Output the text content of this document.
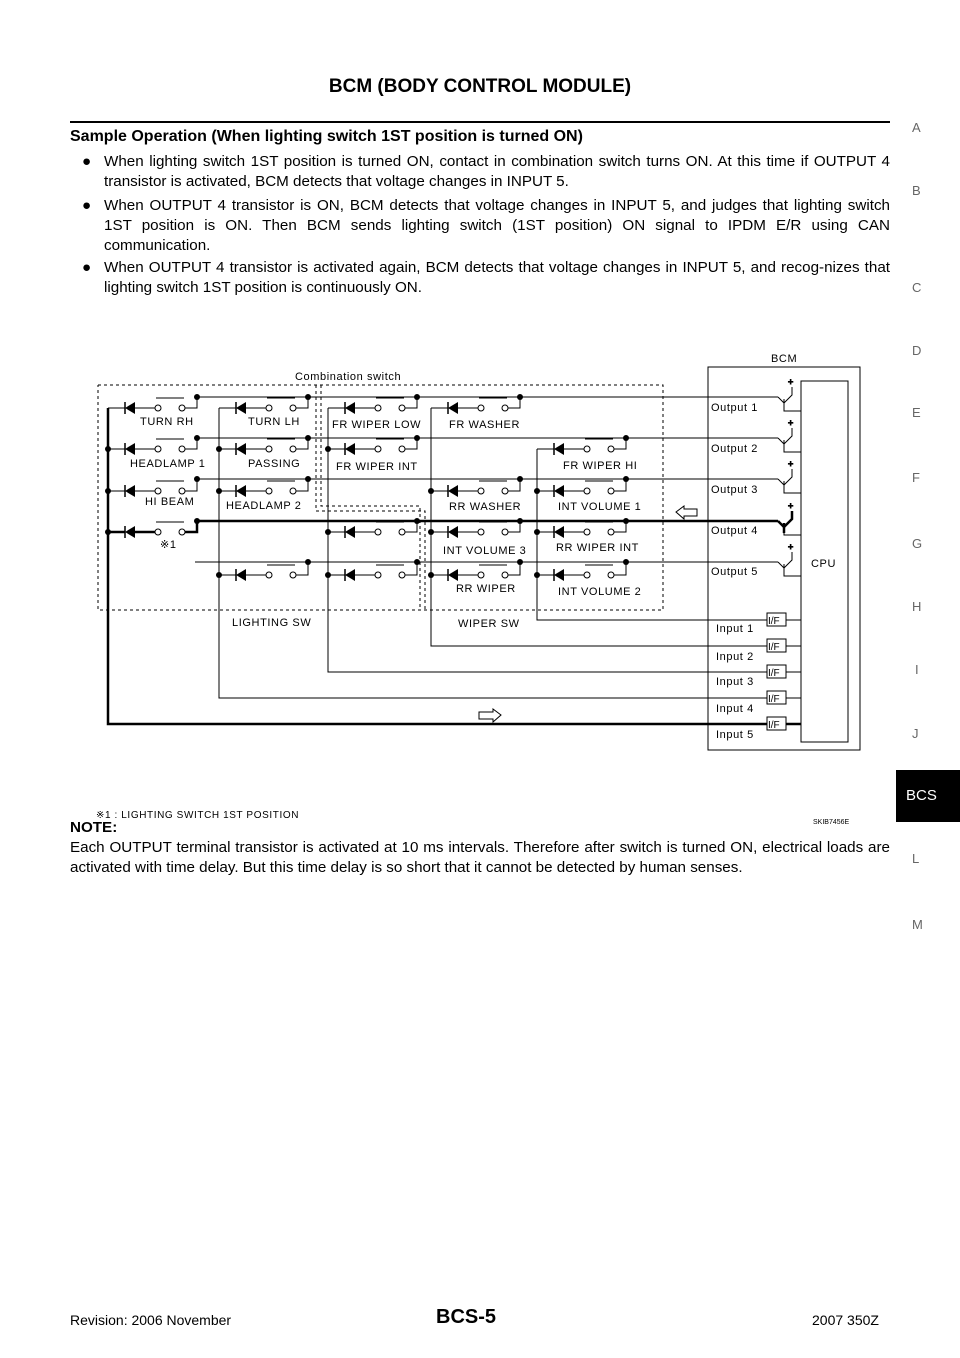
BCM (BODY CONTROL MODULE)
Sample Operation (When lighting switch 1ST position is turned ON)
● When lighting switch 1ST position is turned ON, contact in combination switch turns ON. At this time if OUTPUT 4 transistor is activated, BCM detects that voltage changes in INPUT 5.
● When OUTPUT 4 transistor is ON, BCM detects that voltage changes in INPUT 5, and judges that lighting switch 1ST position is ON. Then BCM sends lighting switch (1ST position) ON signal to IPDM E/R using CAN communication.
● When OUTPUT 4 transistor is activated again, BCM detects that voltage changes in INPUT 5, and recog-nizes that lighting switch 1ST position is continuously ON.
+
+
+
+
+
Combination switch
LIGHTING SW	WIPER SW
BCM
CPU
TURN RH
HEADLAMP 1
HI BEAM
※1
TURN LH
PASSING
HEADLAMP 2
FR WIPER LOW
FR WIPER INT
FR WASHER
RR WASHER
INT VOLUME 3
RR WIPER
FR WIPER HI
INT VOLUME 1
RR WIPER INT
INT VOLUME 2
Output 1
Output 2
Output 3
Output 4
Output 5
Input 1
Input 2
Input 3
Input 4
Input 5
I/F
I/F
I/F
I/F
I/F
※1 : LIGHTING SWITCH 1ST POSITION
SKIB7456E
NOTE:
Each OUTPUT terminal transistor is activated at 10 ms intervals. Therefore after switch is turned ON, electrical loads are activated with time delay. But this time delay is so short that it cannot be detected by human senses.
A
B
C
D
E
F
G
H
I
J
BCS
L
M
Revision: 2006 November	BCS-5	2007 350Z
